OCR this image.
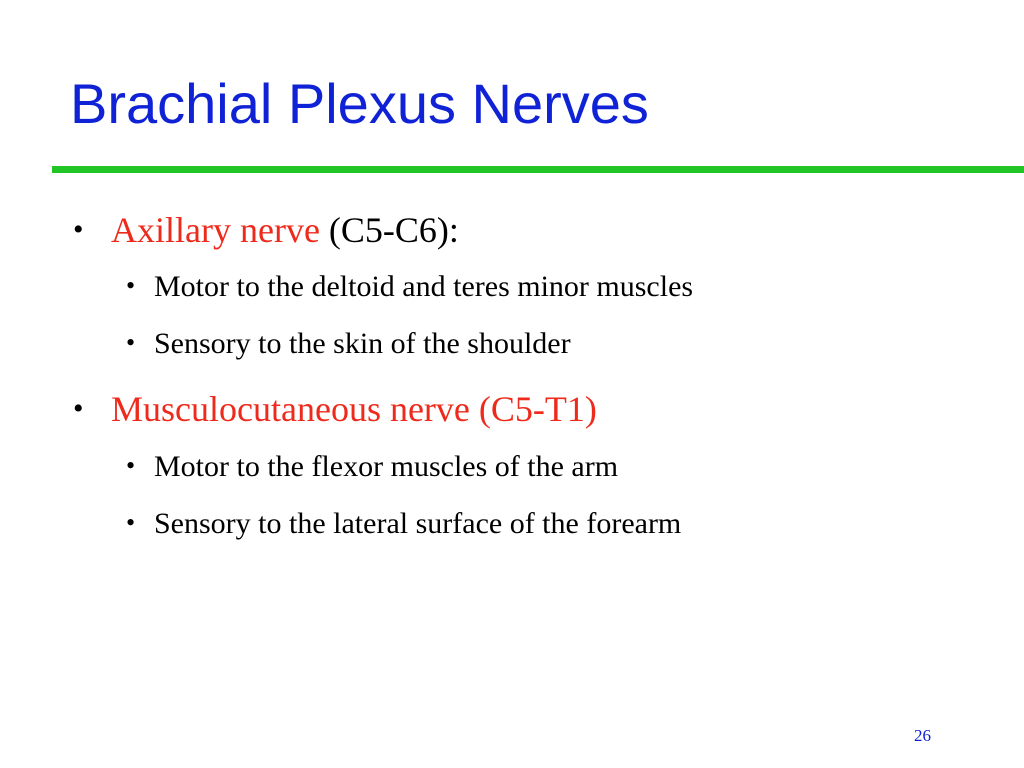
Brachial Plexus Nerves
• Axillary nerve (C5-C6):
• Motor to the deltoid and teres minor muscles
• Sensory to the skin of the shoulder
• Musculocutaneous nerve (C5-T1)
• Motor to the flexor muscles of the arm
• Sensory to the lateral surface of the forearm
26
